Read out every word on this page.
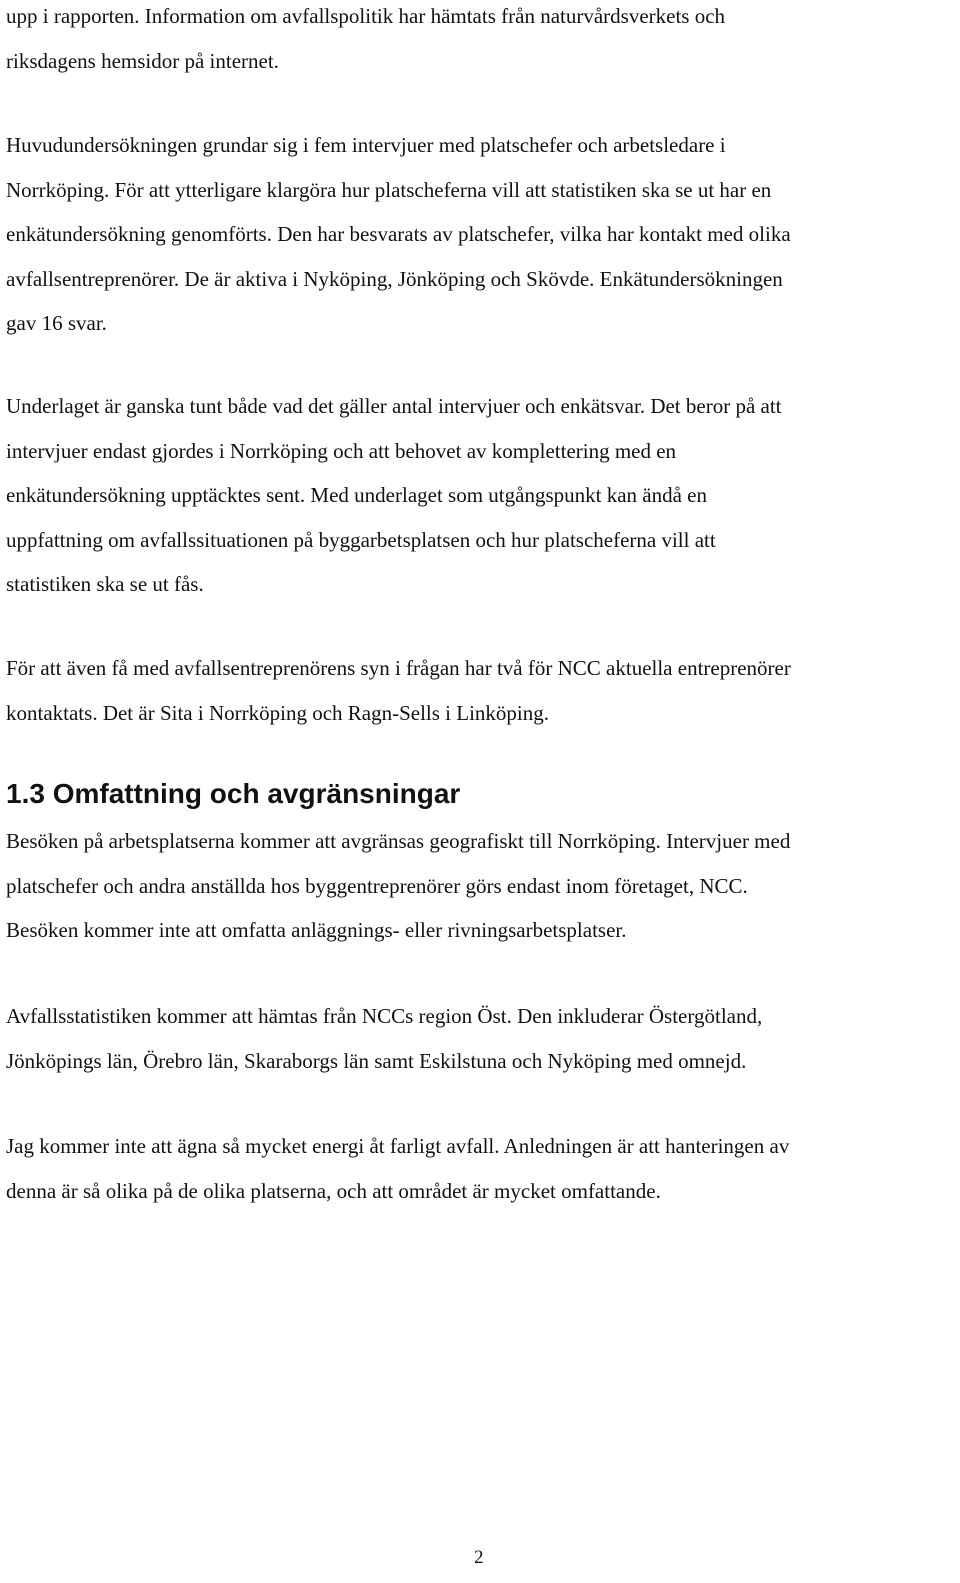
upp i rapporten. Information om avfallspolitik har hämtats från naturvårdsverkets och
riksdagens hemsidor på internet.

Huvudundersökningen grundar sig i fem intervjuer med platschefer och arbetsledare i
Norrköping. För att ytterligare klargöra hur platscheferna vill att statistiken ska se ut har en
enkätundersökning genomförts. Den har besvarats av platschefer, vilka har kontakt med olika
avfallsentreprenörer. De är aktiva i Nyköping, Jönköping och Skövde. Enkätundersökningen
gav 16 svar.

Underlaget är ganska tunt både vad det gäller antal intervjuer och enkätsvar. Det beror på att
intervjuer endast gjordes i Norrköping och att behovet av komplettering med en
enkätundersökning upptäcktes sent. Med underlaget som utgångspunkt kan ändå en
uppfattning om avfallssituationen på byggarbetsplatsen och hur platscheferna vill att
statistiken ska se ut fås.

För att även få med avfallsentreprenörens syn i frågan har två för NCC aktuella entreprenörer
kontaktats. Det är Sita i Norrköping och Ragn-Sells i Linköping.

1.3 Omfattning och avgränsningar

Besöken på arbetsplatserna kommer att avgränsas geografiskt till Norrköping. Intervjuer med
platschefer och andra anställda hos byggentreprenörer görs endast inom företaget, NCC.
Besöken kommer inte att omfatta anläggnings- eller rivningsarbetsplatser.

Avfallsstatistiken kommer att hämtas från NCCs region Öst. Den inkluderar Östergötland,
Jönköpings län, Örebro län, Skaraborgs län samt Eskilstuna och Nyköping med omnejd.

Jag kommer inte att ägna så mycket energi åt farligt avfall. Anledningen är att hanteringen av
denna är så olika på de olika platserna, och att området är mycket omfattande.

2
